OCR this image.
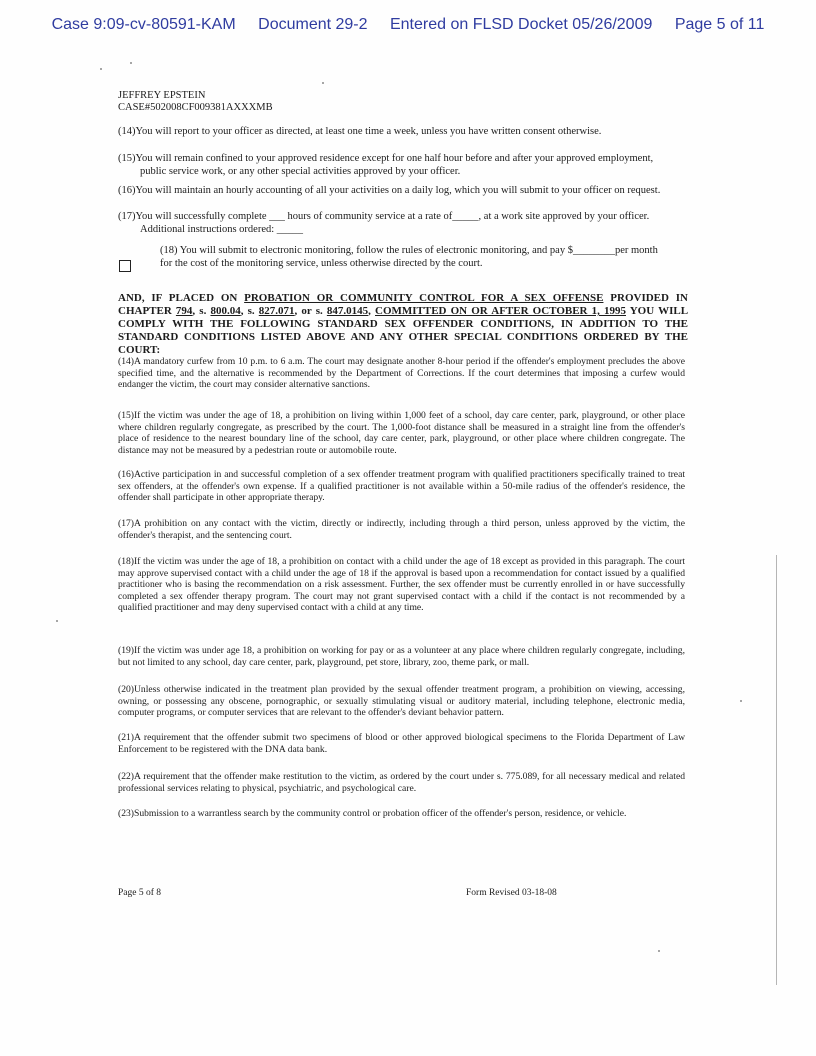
Case 9:09-cv-80591-KAM Document 29-2 Entered on FLSD Docket 05/26/2009 Page 5 of 11
JEFFREY EPSTEIN
CASE#502008CF009381AXXXMB
(14)You will report to your officer as directed, at least one time a week, unless you have written consent otherwise.
(15)You will remain confined to your approved residence except for one half hour before and after your approved employment,
public service work, or any other special activities approved by your officer.
(16)You will maintain an hourly accounting of all your activities on a daily log, which you will submit to your officer on request.
(17)You will successfully complete ___ hours of community service at a rate of_____, at a work site approved by your officer.
Additional instructions ordered: _____
(18) You will submit to electronic monitoring, follow the rules of electronic monitoring, and pay $________per month
for the cost of the monitoring service, unless otherwise directed by the court.
AND, IF PLACED ON PROBATION OR COMMUNITY CONTROL FOR A SEX OFFENSE PROVIDED IN CHAPTER 794, s. 800.04, s. 827.071, or s. 847.0145, COMMITTED ON OR AFTER OCTOBER 1, 1995 YOU WILL COMPLY WITH THE FOLLOWING STANDARD SEX OFFENDER CONDITIONS, IN ADDITION TO THE STANDARD CONDITIONS LISTED ABOVE AND ANY OTHER SPECIAL CONDITIONS ORDERED BY THE COURT:
(14)A mandatory curfew from 10 p.m. to 6 a.m. The court may designate another 8-hour period if the offender's employment precludes the above specified time, and the alternative is recommended by the Department of Corrections. If the court determines that imposing a curfew would endanger the victim, the court may consider alternative sanctions.
(15)If the victim was under the age of 18, a prohibition on living within 1,000 feet of a school, day care center, park, playground, or other place where children regularly congregate, as prescribed by the court. The 1,000-foot distance shall be measured in a straight line from the offender's place of residence to the nearest boundary line of the school, day care center, park, playground, or other place where children congregate. The distance may not be measured by a pedestrian route or automobile route.
(16)Active participation in and successful completion of a sex offender treatment program with qualified practitioners specifically trained to treat sex offenders, at the offender's own expense. If a qualified practitioner is not available within a 50-mile radius of the offender's residence, the offender shall participate in other appropriate therapy.
(17)A prohibition on any contact with the victim, directly or indirectly, including through a third person, unless approved by the victim, the offender's therapist, and the sentencing court.
(18)If the victim was under the age of 18, a prohibition on contact with a child under the age of 18 except as provided in this paragraph. The court may approve supervised contact with a child under the age of 18 if the approval is based upon a recommendation for contact issued by a qualified practitioner who is basing the recommendation on a risk assessment. Further, the sex offender must be currently enrolled in or have successfully completed a sex offender therapy program. The court may not grant supervised contact with a child if the contact is not recommended by a qualified practitioner and may deny supervised contact with a child at any time.
(19)If the victim was under age 18, a prohibition on working for pay or as a volunteer at any place where children regularly congregate, including, but not limited to any school, day care center, park, playground, pet store, library, zoo, theme park, or mall.
(20)Unless otherwise indicated in the treatment plan provided by the sexual offender treatment program, a prohibition on viewing, accessing, owning, or possessing any obscene, pornographic, or sexually stimulating visual or auditory material, including telephone, electronic media, computer programs, or computer services that are relevant to the offender's deviant behavior pattern.
(21)A requirement that the offender submit two specimens of blood or other approved biological specimens to the Florida Department of Law Enforcement to be registered with the DNA data bank.
(22)A requirement that the offender make restitution to the victim, as ordered by the court under s. 775.089, for all necessary medical and related professional services relating to physical, psychiatric, and psychological care.
(23)Submission to a warrantless search by the community control or probation officer of the offender's person, residence, or vehicle.
Page 5 of 8	Form Revised 03-18-08
